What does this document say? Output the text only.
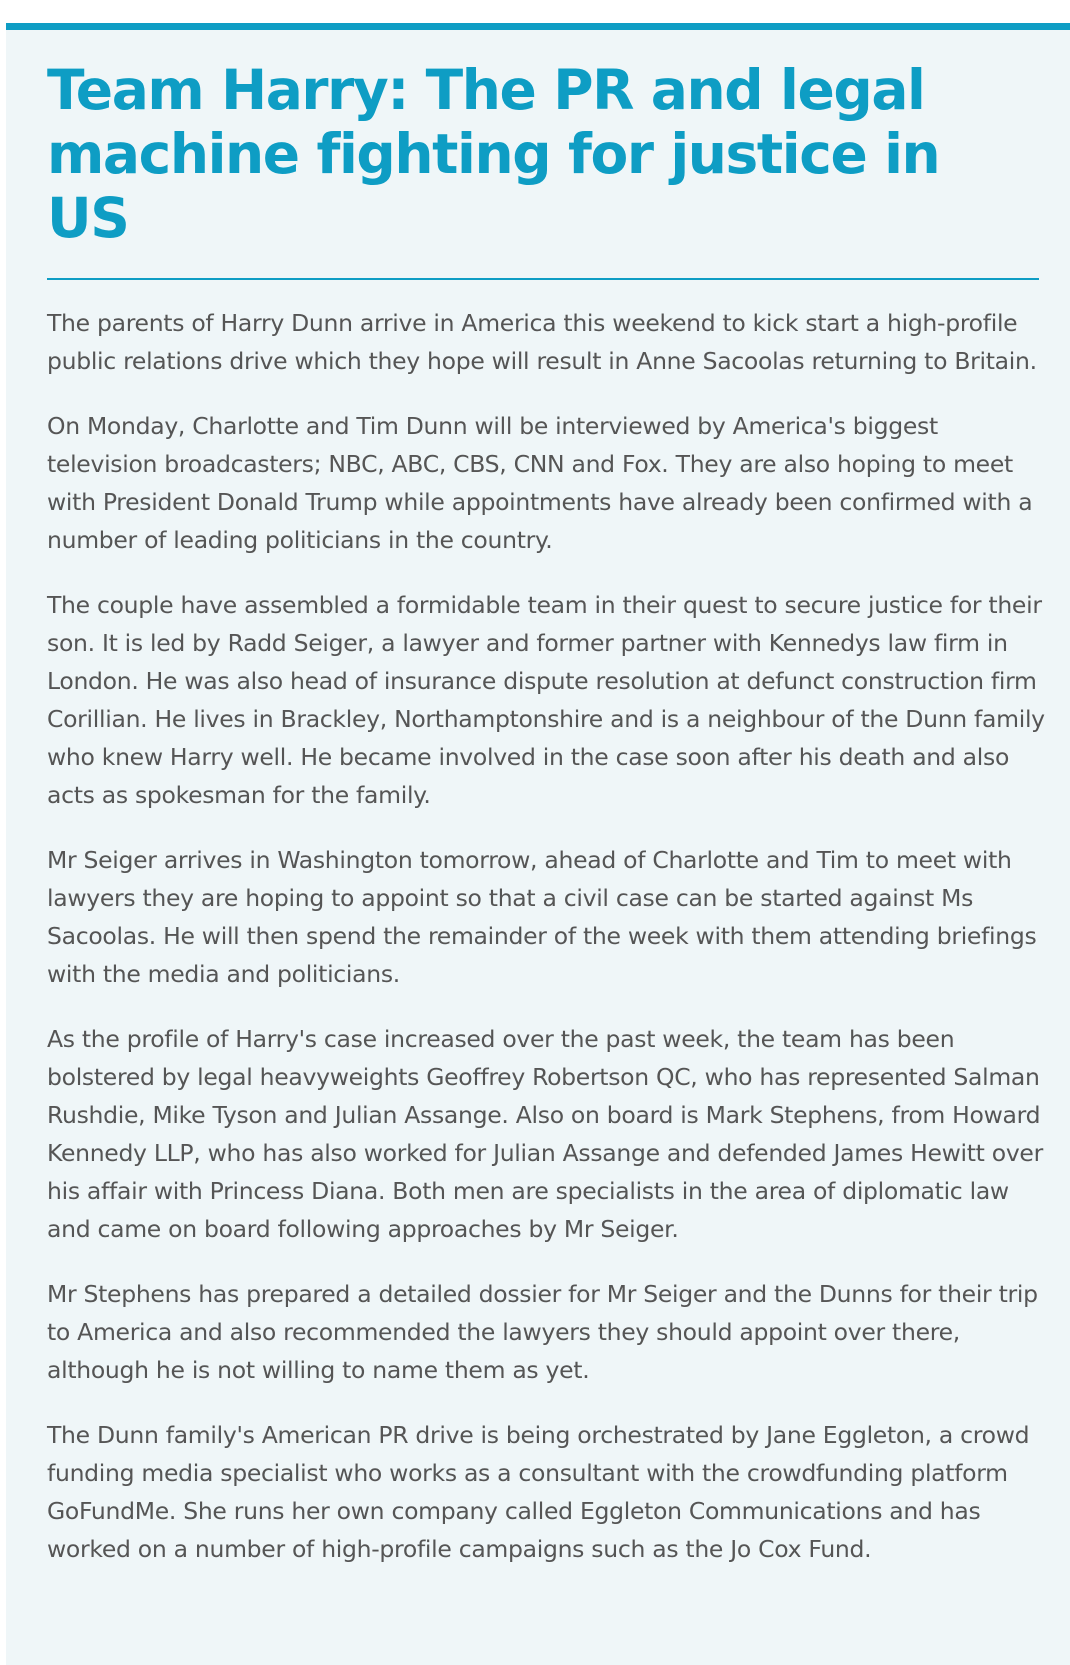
Team Harry: The PR and legal machine fighting for justice in US

The parents of Harry Dunn arrive in America this weekend to kick start a high-profile public relations drive which they hope will result in Anne Sacoolas returning to Britain.

On Monday, Charlotte and Tim Dunn will be interviewed by America's biggest television broadcasters; NBC, ABC, CBS, CNN and Fox. They are also hoping to meet with President Donald Trump while appointments have already been confirmed with a number of leading politicians in the country.

The couple have assembled a formidable team in their quest to secure justice for their son. It is led by Radd Seiger, a lawyer and former partner with Kennedys law firm in London. He was also head of insurance dispute resolution at defunct construction firm Corillian. He lives in Brackley, Northamptonshire and is a neighbour of the Dunn family who knew Harry well. He became involved in the case soon after his death and also acts as spokesman for the family.

Mr Seiger arrives in Washington tomorrow, ahead of Charlotte and Tim to meet with lawyers they are hoping to appoint so that a civil case can be started against Ms Sacoolas. He will then spend the remainder of the week with them attending briefings with the media and politicians.

As the profile of Harry's case increased over the past week, the team has been bolstered by legal heavyweights Geoffrey Robertson QC, who has represented Salman Rushdie, Mike Tyson and Julian Assange. Also on board is Mark Stephens, from Howard Kennedy LLP, who has also worked for Julian Assange and defended James Hewitt over his affair with Princess Diana. Both men are specialists in the area of diplomatic law and came on board following approaches by Mr Seiger.

Mr Stephens has prepared a detailed dossier for Mr Seiger and the Dunns for their trip to America and also recommended the lawyers they should appoint over there, although he is not willing to name them as yet.

The Dunn family's American PR drive is being orchestrated by Jane Eggleton, a crowd funding media specialist who works as a consultant with the crowdfunding platform GoFundMe. She runs her own company called Eggleton Communications and has worked on a number of high-profile campaigns such as the Jo Cox Fund.
